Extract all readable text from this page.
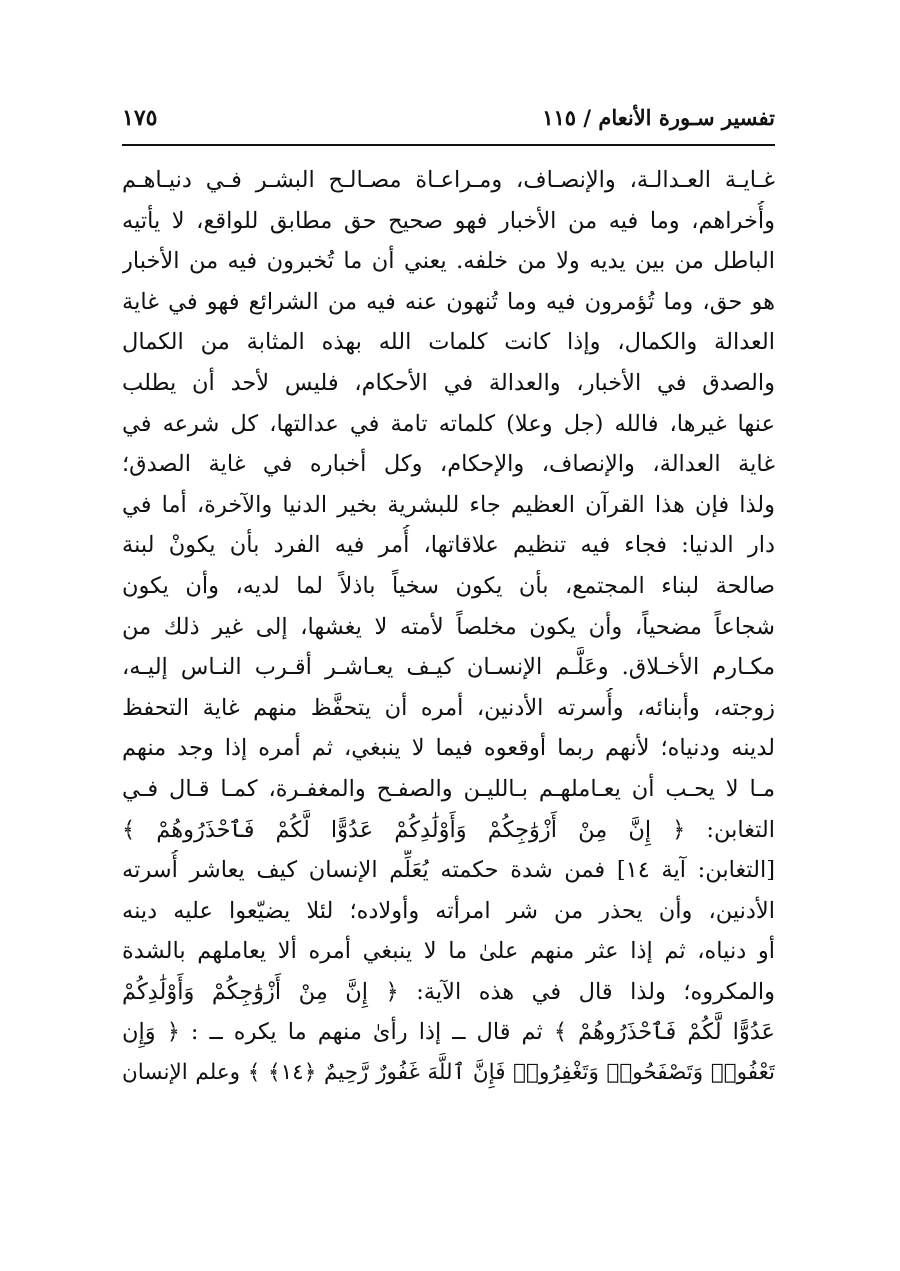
تفسير سـورة الأنعام / ١١٥
١٧٥
غـايـة العـدالـة، والإنصـاف، ومـراعـاة مصـالـح البشـر فـي دنيـاهـم
وأُخراهم، وما فيه من الأخبار فهو صحيح حق مطابق للواقع، لا يأتيه
الباطل من بين يديه ولا من خلفه. يعني أن ما تُخبرون فيه من الأخبار
هو حق، وما تُؤمرون فيه وما تُنهون عنه فيه من الشرائع فهو في غاية
العدالة والكمال، وإذا كانت كلمات الله بهذه المثابة من الكمال
والصدق في الأخبار، والعدالة في الأحكام، فليس لأحد أن يطلب
عنها غيرها، فالله (جل وعلا) كلماته تامة في عدالتها، كل شرعه في
غاية العدالة، والإنصاف، والإحكام، وكل أخباره في غاية الصدق؛
ولذا فإن هذا القرآن العظيم جاء للبشرية بخير الدنيا والآخرة، أما في
دار الدنيا: فجاء فيه تنظيم علاقاتها، أُمر فيه الفرد بأن يكونْ لبنة
صالحة لبناء المجتمع، بأن يكون سخياً باذلاً لما لديه، وأن يكون
شجاعاً مضحياً، وأن يكون مخلصاً لأمته لا يغشها، إلى غير ذلك من
مكـارم الأخـلاق. وعَلَّـم الإنسـان كيـف يعـاشـر أقـرب النـاس إليـه،
زوجته، وأبنائه، وأُسرته الأدنين، أمره أن يتحفَّظ منهم غاية التحفظ
لدينه ودنياه؛ لأنهم ربما أوقعوه فيما لا ينبغي، ثم أمره إذا وجد منهم
مـا لا يحـب أن يعـاملهـم بـالليـن والصفـح والمغفـرة، كمـا قـال فـي
التغابن: ﴿ إِنَّ مِنْ أَزْوَٰجِكُمْ وَأَوْلَٰدِكُمْ عَدُوًّا لَّكُمْ فَٱحْذَرُوهُمْ ﴾
[التغابن: آية ١٤] فمن شدة حكمته يُعَلِّم الإنسان كيف يعاشر أُسرته
الأدنين، وأن يحذر من شر امرأته وأولاده؛ لئلا يضيّعوا عليه دينه
أو دنياه، ثم إذا عثر منهم علىٰ ما لا ينبغي أمره ألا يعاملهم بالشدة
والمكروه؛ ولذا قال في هذه الآية: ﴿ إِنَّ مِنْ أَزْوَٰجِكُمْ وَأَوْلَٰدِكُمْ
عَدُوًّا لَّكُمْ فَٱحْذَرُوهُمْ ﴾ ثم قال ــ إذا رأىٰ منهم ما يكره ــ : ﴿ وَإِن
تَعْفُوا۟ وَتَصْفَحُوا۟ وَتَغْفِرُوا۟ فَإِنَّ ٱللَّهَ غَفُورٌ رَّحِيمٌ ﴿١٤﴾ ﴾ وعلم الإنسان
